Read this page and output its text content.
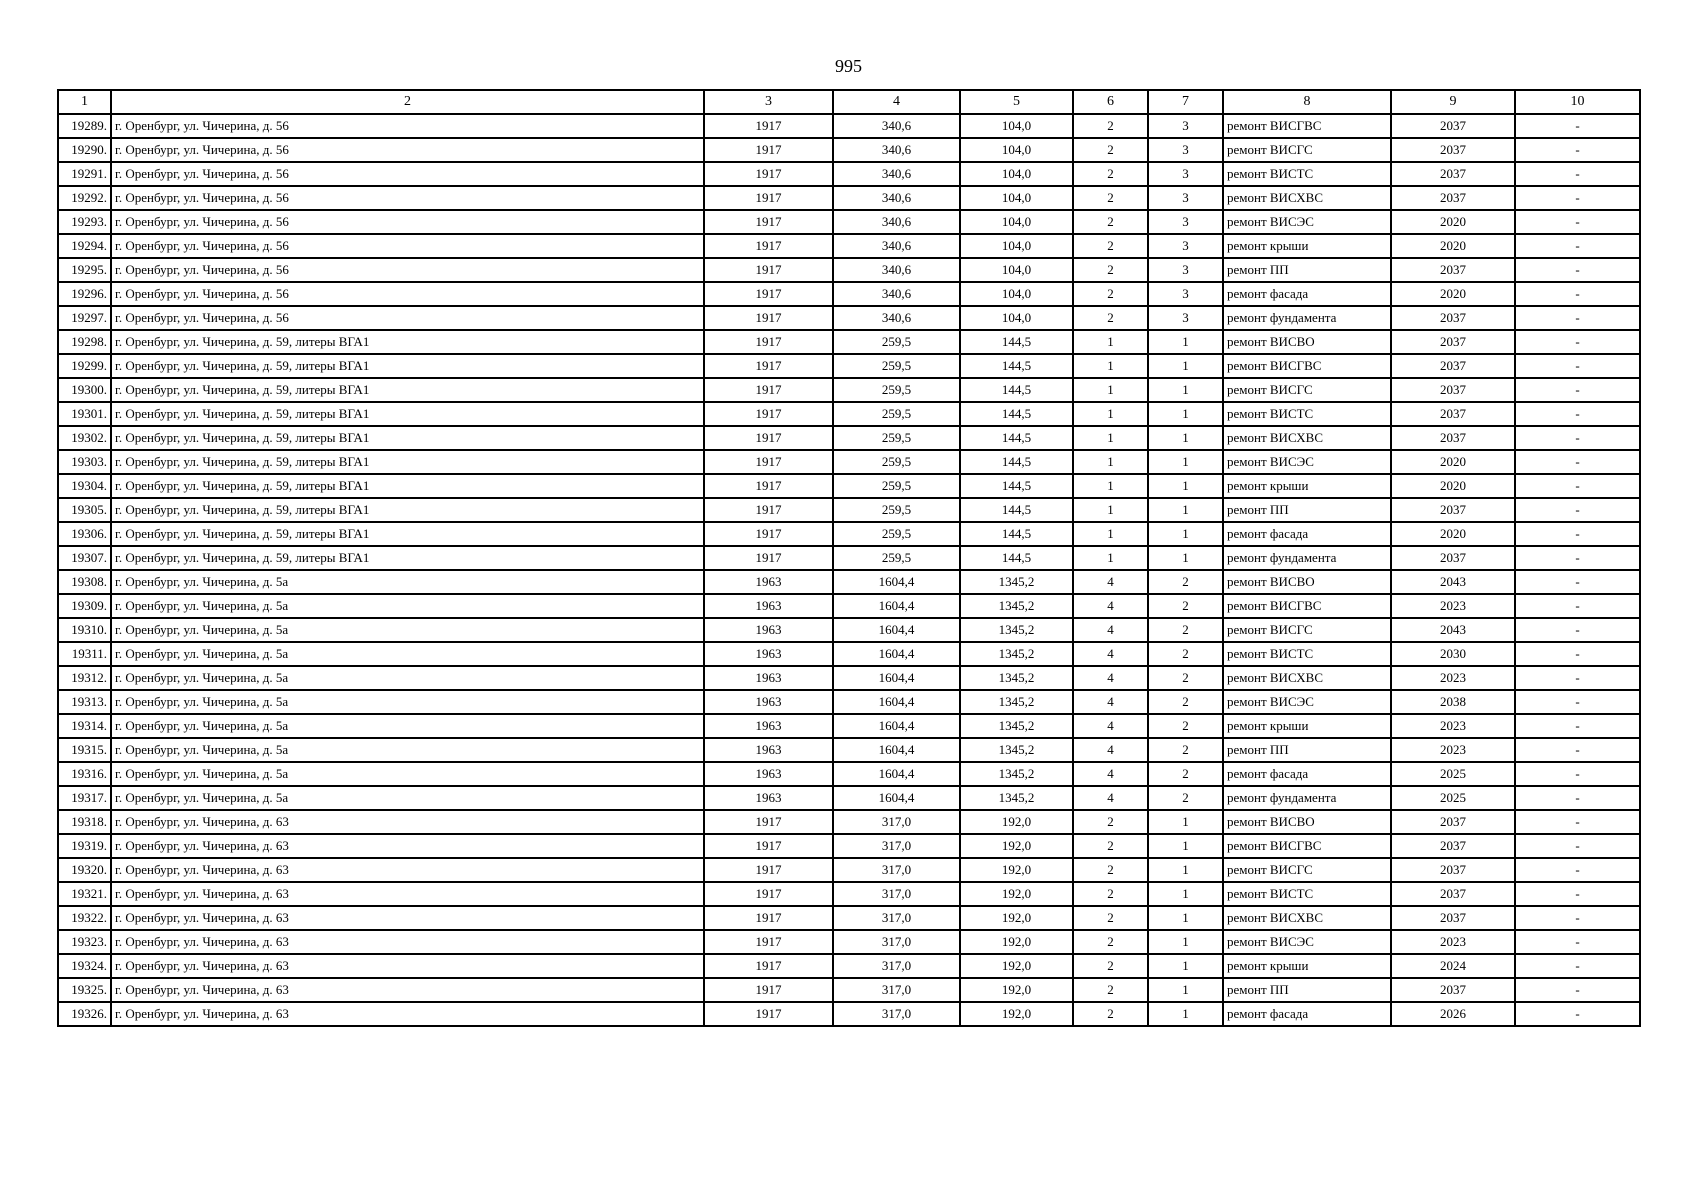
995
1	2	3	4	5	6	7	8	9	10
19289.	г. Оренбург, ул. Чичерина, д. 56	1917	340,6	104,0	2	3	ремонт ВИСГВС	2037	-
19290.	г. Оренбург, ул. Чичерина, д. 56	1917	340,6	104,0	2	3	ремонт ВИСГС	2037	-
19291.	г. Оренбург, ул. Чичерина, д. 56	1917	340,6	104,0	2	3	ремонт ВИСТС	2037	-
19292.	г. Оренбург, ул. Чичерина, д. 56	1917	340,6	104,0	2	3	ремонт ВИСХВС	2037	-
19293.	г. Оренбург, ул. Чичерина, д. 56	1917	340,6	104,0	2	3	ремонт ВИСЭС	2020	-
19294.	г. Оренбург, ул. Чичерина, д. 56	1917	340,6	104,0	2	3	ремонт крыши	2020	-
19295.	г. Оренбург, ул. Чичерина, д. 56	1917	340,6	104,0	2	3	ремонт ПП	2037	-
19296.	г. Оренбург, ул. Чичерина, д. 56	1917	340,6	104,0	2	3	ремонт фасада	2020	-
19297.	г. Оренбург, ул. Чичерина, д. 56	1917	340,6	104,0	2	3	ремонт фундамента	2037	-
19298.	г. Оренбург, ул. Чичерина, д. 59, литеры ВГА1	1917	259,5	144,5	1	1	ремонт ВИСВО	2037	-
19299.	г. Оренбург, ул. Чичерина, д. 59, литеры ВГА1	1917	259,5	144,5	1	1	ремонт ВИСГВС	2037	-
19300.	г. Оренбург, ул. Чичерина, д. 59, литеры ВГА1	1917	259,5	144,5	1	1	ремонт ВИСГС	2037	-
19301.	г. Оренбург, ул. Чичерина, д. 59, литеры ВГА1	1917	259,5	144,5	1	1	ремонт ВИСТС	2037	-
19302.	г. Оренбург, ул. Чичерина, д. 59, литеры ВГА1	1917	259,5	144,5	1	1	ремонт ВИСХВС	2037	-
19303.	г. Оренбург, ул. Чичерина, д. 59, литеры ВГА1	1917	259,5	144,5	1	1	ремонт ВИСЭС	2020	-
19304.	г. Оренбург, ул. Чичерина, д. 59, литеры ВГА1	1917	259,5	144,5	1	1	ремонт крыши	2020	-
19305.	г. Оренбург, ул. Чичерина, д. 59, литеры ВГА1	1917	259,5	144,5	1	1	ремонт ПП	2037	-
19306.	г. Оренбург, ул. Чичерина, д. 59, литеры ВГА1	1917	259,5	144,5	1	1	ремонт фасада	2020	-
19307.	г. Оренбург, ул. Чичерина, д. 59, литеры ВГА1	1917	259,5	144,5	1	1	ремонт фундамента	2037	-
19308.	г. Оренбург, ул. Чичерина, д. 5а	1963	1604,4	1345,2	4	2	ремонт ВИСВО	2043	-
19309.	г. Оренбург, ул. Чичерина, д. 5а	1963	1604,4	1345,2	4	2	ремонт ВИСГВС	2023	-
19310.	г. Оренбург, ул. Чичерина, д. 5а	1963	1604,4	1345,2	4	2	ремонт ВИСГС	2043	-
19311.	г. Оренбург, ул. Чичерина, д. 5а	1963	1604,4	1345,2	4	2	ремонт ВИСТС	2030	-
19312.	г. Оренбург, ул. Чичерина, д. 5а	1963	1604,4	1345,2	4	2	ремонт ВИСХВС	2023	-
19313.	г. Оренбург, ул. Чичерина, д. 5а	1963	1604,4	1345,2	4	2	ремонт ВИСЭС	2038	-
19314.	г. Оренбург, ул. Чичерина, д. 5а	1963	1604,4	1345,2	4	2	ремонт крыши	2023	-
19315.	г. Оренбург, ул. Чичерина, д. 5а	1963	1604,4	1345,2	4	2	ремонт ПП	2023	-
19316.	г. Оренбург, ул. Чичерина, д. 5а	1963	1604,4	1345,2	4	2	ремонт фасада	2025	-
19317.	г. Оренбург, ул. Чичерина, д. 5а	1963	1604,4	1345,2	4	2	ремонт фундамента	2025	-
19318.	г. Оренбург, ул. Чичерина, д. 63	1917	317,0	192,0	2	1	ремонт ВИСВО	2037	-
19319.	г. Оренбург, ул. Чичерина, д. 63	1917	317,0	192,0	2	1	ремонт ВИСГВС	2037	-
19320.	г. Оренбург, ул. Чичерина, д. 63	1917	317,0	192,0	2	1	ремонт ВИСГС	2037	-
19321.	г. Оренбург, ул. Чичерина, д. 63	1917	317,0	192,0	2	1	ремонт ВИСТС	2037	-
19322.	г. Оренбург, ул. Чичерина, д. 63	1917	317,0	192,0	2	1	ремонт ВИСХВС	2037	-
19323.	г. Оренбург, ул. Чичерина, д. 63	1917	317,0	192,0	2	1	ремонт ВИСЭС	2023	-
19324.	г. Оренбург, ул. Чичерина, д. 63	1917	317,0	192,0	2	1	ремонт крыши	2024	-
19325.	г. Оренбург, ул. Чичерина, д. 63	1917	317,0	192,0	2	1	ремонт ПП	2037	-
19326.	г. Оренбург, ул. Чичерина, д. 63	1917	317,0	192,0	2	1	ремонт фасада	2026	-
